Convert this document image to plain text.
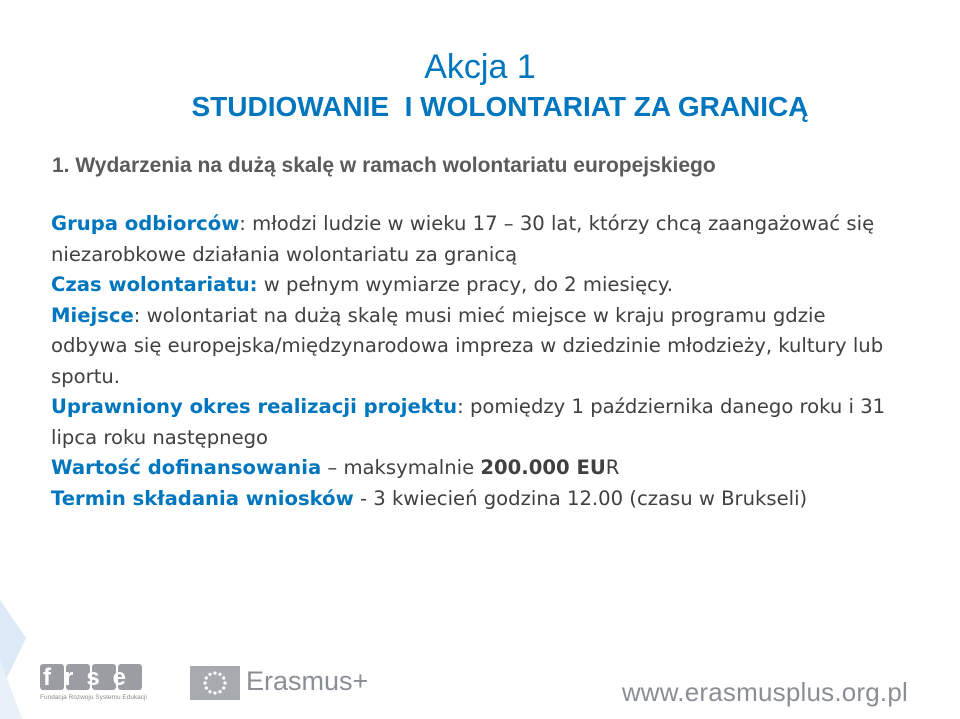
Akcja 1
STUDIOWANIE  I WOLONTARIAT ZA GRANICĄ
1. Wydarzenia na dużą skalę w ramach wolontariatu europejskiego

Grupa odbiorców: młodzi ludzie w wieku 17 – 30 lat, którzy chcą zaangażować się niezarobkowe działania wolontariatu za granicą

Czas wolontariatu: w pełnym wymiarze pracy, do 2 miesięcy.

Miejsce: wolontariat na dużą skalę musi mieć miejsce w kraju programu gdzie odbywa się europejska/międzynarodowa impreza w dziedzinie młodzieży, kultury lub sportu.

Uprawniony okres realizacji projektu: pomiędzy 1 października danego roku i 31 lipca roku następnego

Wartość dofinansowania – maksymalnie 200.000 EUR

Termin składania wniosków - 3 kwiecień godzina 12.00 (czasu w Brukseli)

frse
Fundacja Rozwoju Systemu Edukacji
Erasmus+	www.erasmusplus.org.pl
